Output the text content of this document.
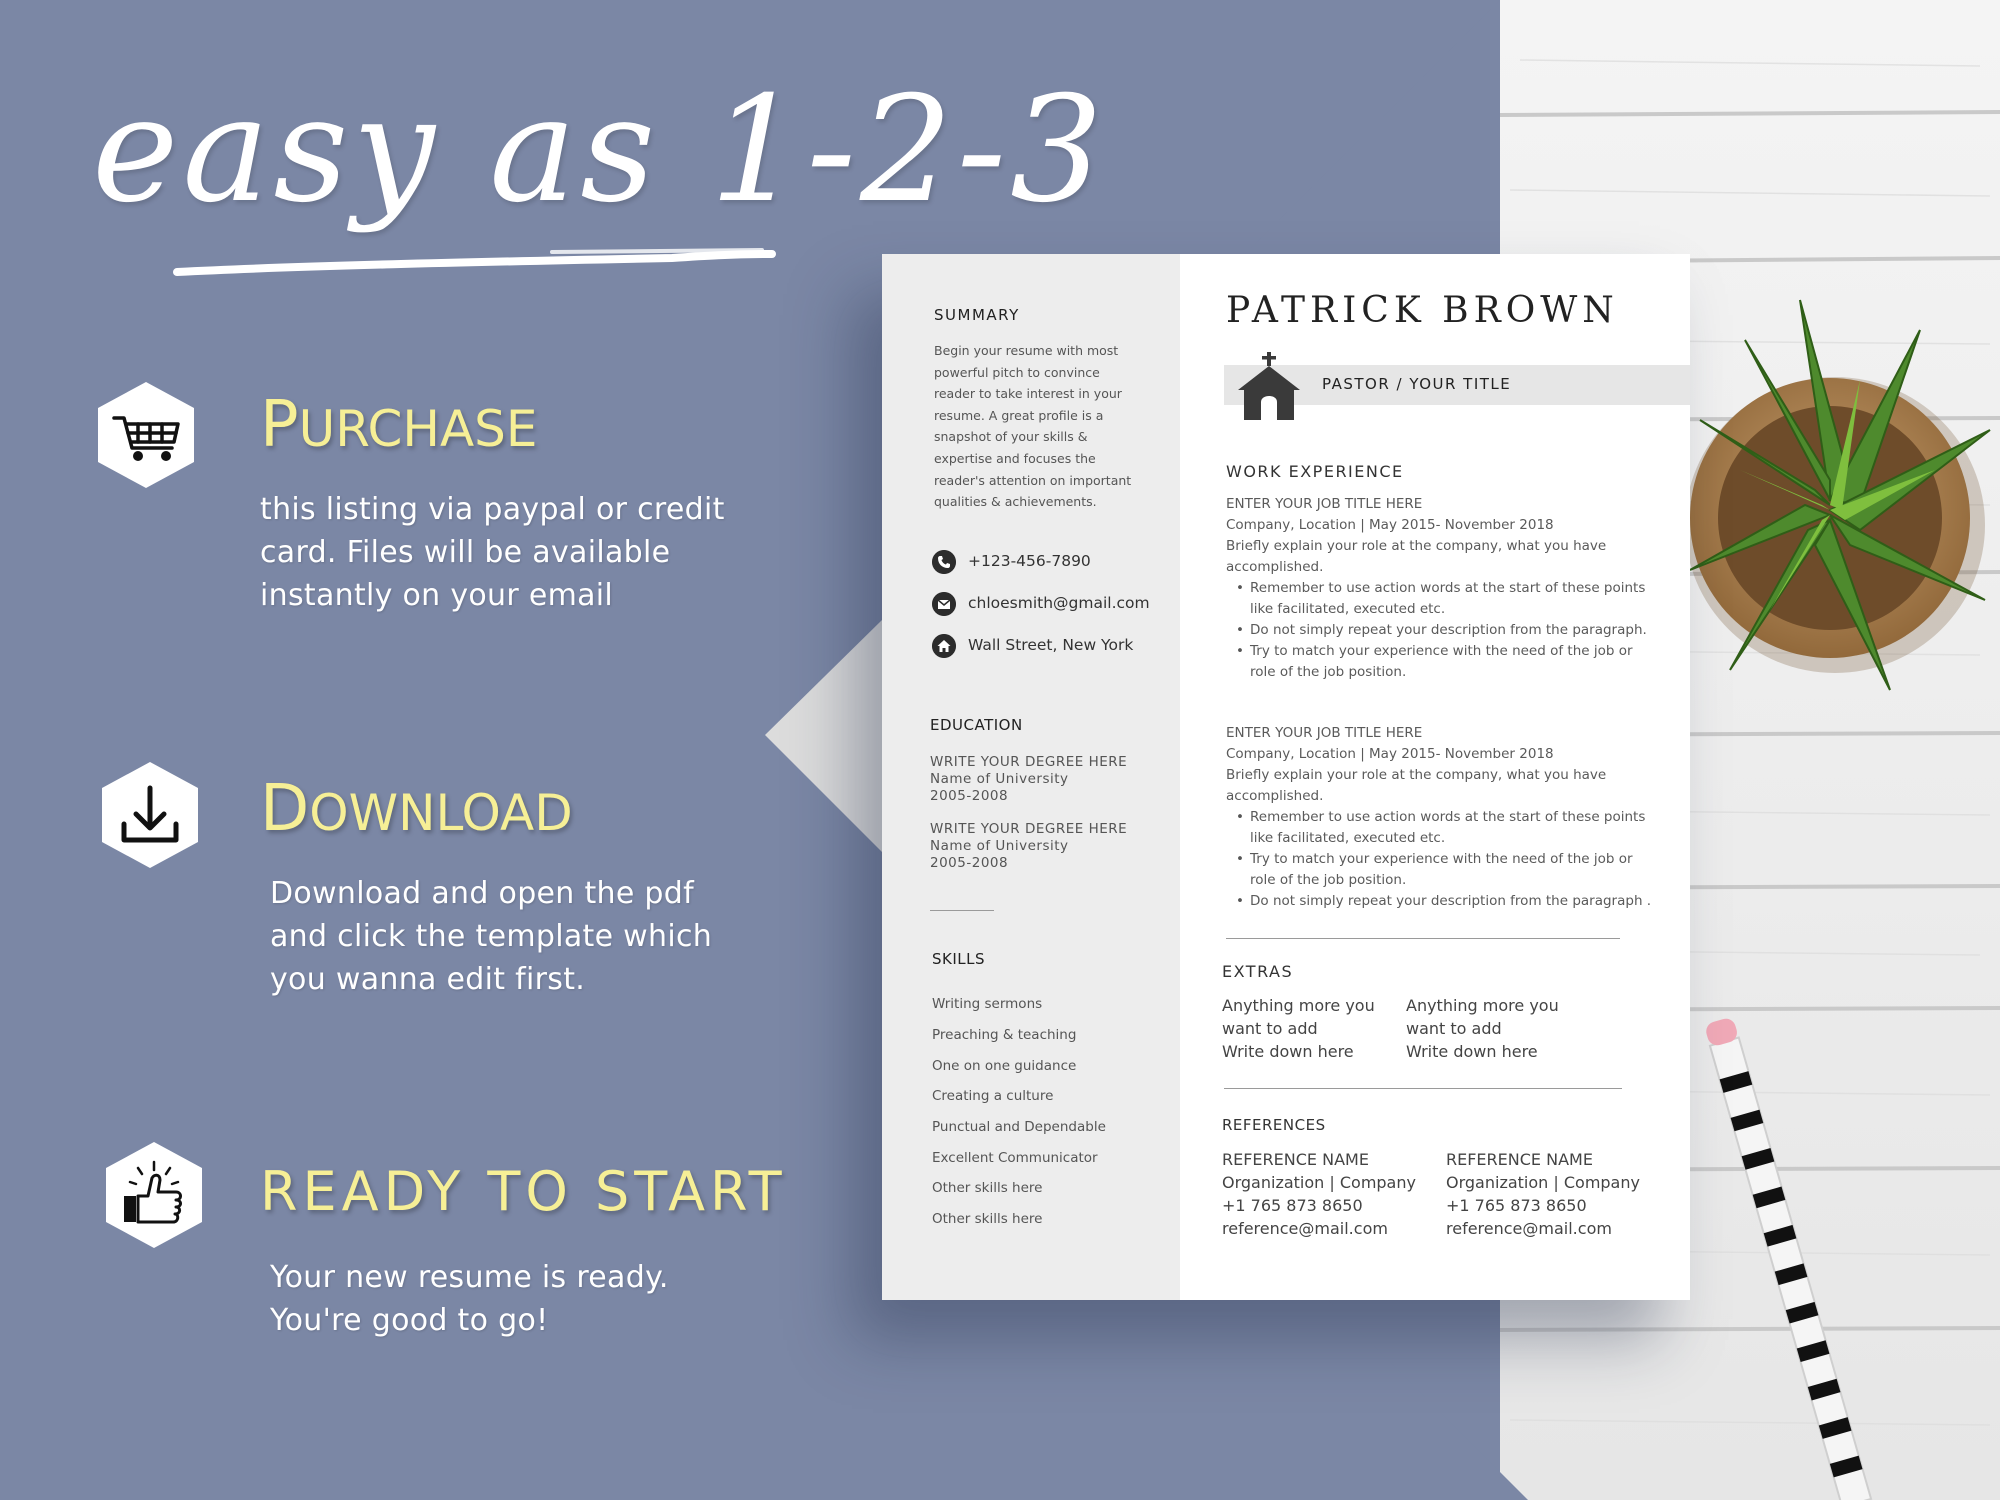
easy as 1-2-3
PURCHASE
this listing via paypal or credit card. Files will be available instantly on your email
DOWNLOAD
Download and open the pdf and click the template which you wanna edit first.
READY TO START
Your new resume is ready.
You're good to go!
SUMMARY
Begin your resume with most
powerful pitch to convince
reader to take interest in your
resume. A great profile is a
snapshot of your skills &
expertise and focuses the
reader's attention on important
qualities & achievements.
+123-456-7890
chloesmith@gmail.com
Wall Street, New York
EDUCATION
WRITE YOUR DEGREE HERE
Name of University
2005-2008
WRITE YOUR DEGREE HERE
Name of University
2005-2008
SKILLS
Writing sermons
Preaching & teaching
One on one guidance
Creating a culture
Punctual and Dependable
Excellent Communicator
Other skills here
Other skills here
PATRICK BROWN
PASTOR / YOUR TITLE
WORK EXPERIENCE
ENTER YOUR JOB TITLE HERE
Company, Location | May 2015- November 2018
Briefly explain your role at the company, what you have accomplished.
• Remember to use action words at the start of these points like facilitated, executed etc.
• Do not simply repeat your description from the paragraph.
• Try to match your experience with the need of the job or role of the job position.
ENTER YOUR JOB TITLE HERE
Company, Location | May 2015- November 2018
Briefly explain your role at the company, what you have accomplished.
• Remember to use action words at the start of these points like facilitated, executed etc.
• Try to match your experience with the need of the job or role of the job position.
• Do not simply repeat your description from the paragraph .
EXTRAS
Anything more you
want to add
Write down here
Anything more you
want to add
Write down here
REFERENCES
REFERENCE NAME
Organization | Company
+1 765 873 8650
reference@mail.com
REFERENCE NAME
Organization | Company
+1 765 873 8650
reference@mail.com
